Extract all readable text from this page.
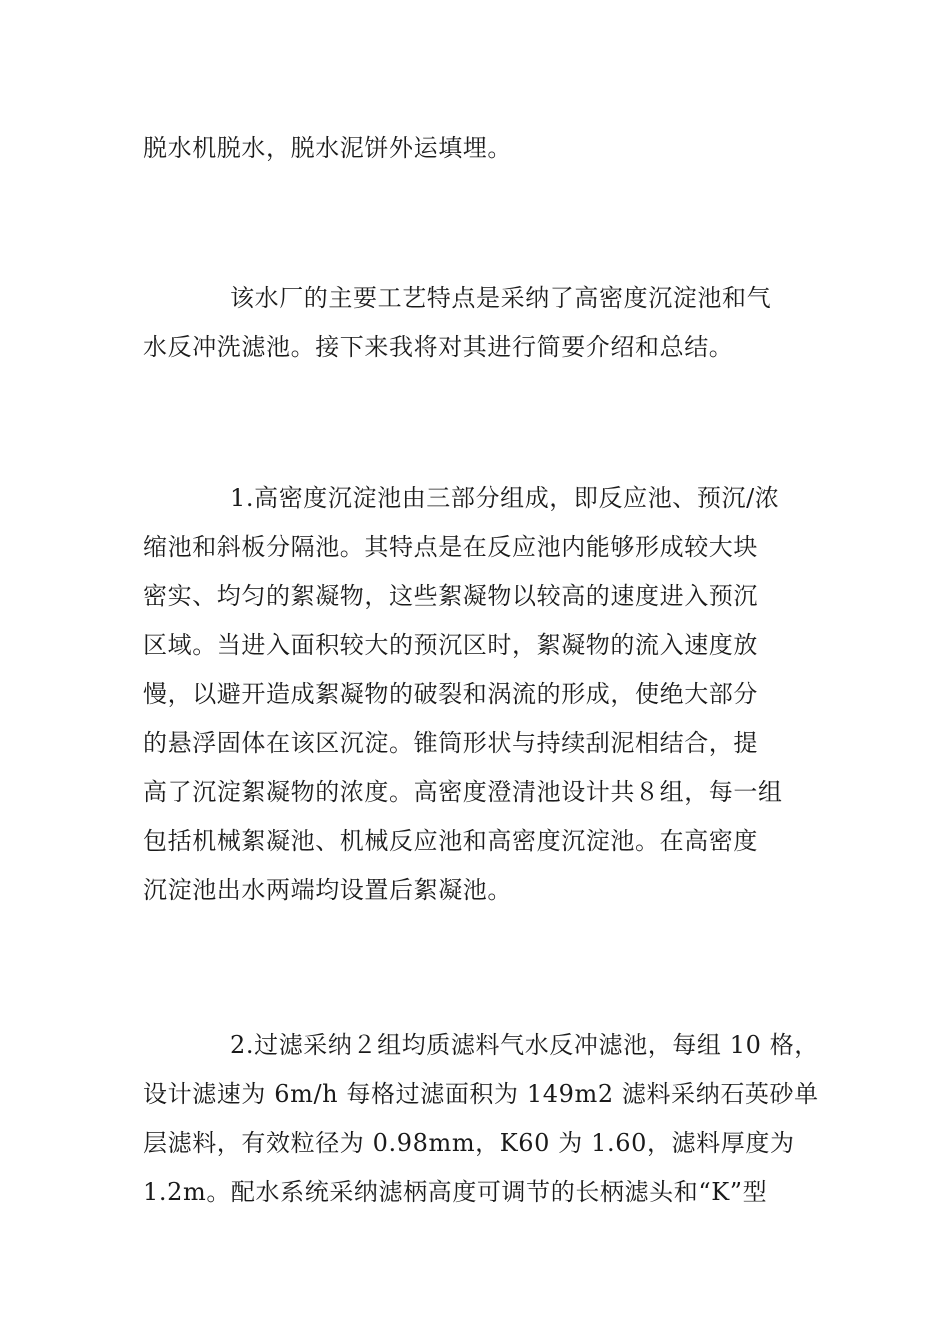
脱水机脱水，脱水泥饼外运填埋。

该水厂的主要工艺特点是采纳了高密度沉淀池和气

水反冲洗滤池。接下来我将对其进行简要介绍和总结。

1.高密度沉淀池由三部分组成，即反应池、预沉/浓

缩池和斜板分隔池。其特点是在反应池内能够形成较大块

密实、均匀的絮凝物，这些絮凝物以较高的速度进入预沉

区域。当进入面积较大的预沉区时，絮凝物的流入速度放

慢，以避开造成絮凝物的破裂和涡流的形成，使绝大部分

的悬浮固体在该区沉淀。锥筒形状与持续刮泥相结合，提

高了沉淀絮凝物的浓度。高密度澄清池设计共８组，每一组

包括机械絮凝池、机械反应池和高密度沉淀池。在高密度

沉淀池出水两端均设置后絮凝池。

2.过滤采纳２组均质滤料气水反冲滤池，每组 10 格，

设计滤速为 6m/h 每格过滤面积为 149m2 滤料采纳石英砂单

层滤料，有效粒径为 0.98mm，K60 为 1.60，滤料厚度为

1.2m。配水系统采纳滤柄高度可调节的长柄滤头和“K”型
